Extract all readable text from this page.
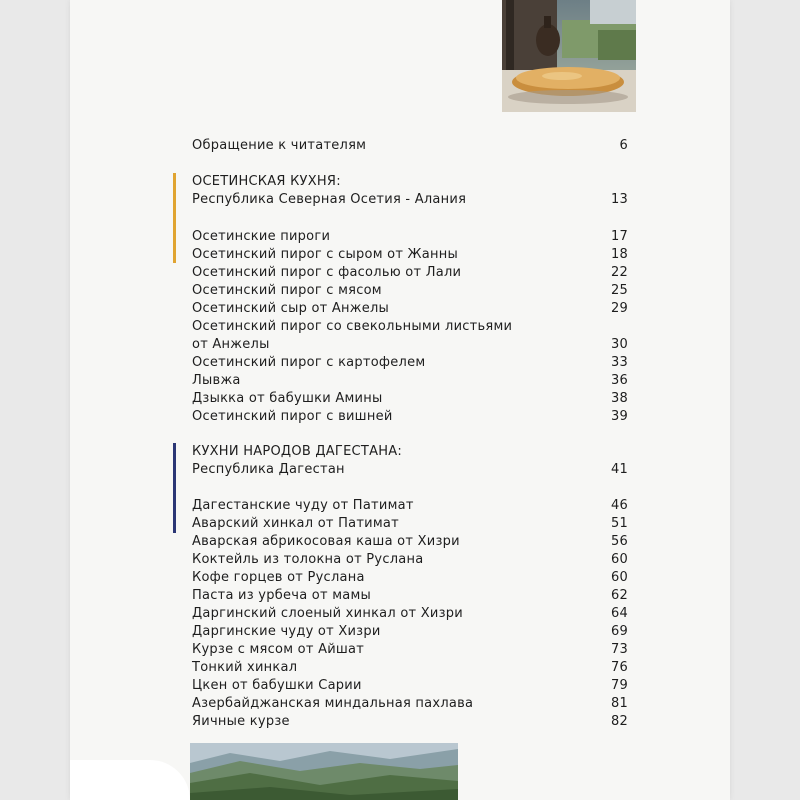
Обращение к читателям	6
ОСЕТИНСКАЯ КУХНЯ:
Республика Северная Осетия - Алания	13
Осетинские пироги	17
Осетинский пирог с сыром от Жанны	18
Осетинский пирог с фасолью от Лали	22
Осетинский пирог с мясом	25
Осетинский сыр от Анжелы	29
Осетинский пирог со свекольными листьями
от Анжелы	30
Осетинский пирог с картофелем	33
Лывжа	36
Дзыкка от бабушки Амины	38
Осетинский пирог с вишней	39
КУХНИ НАРОДОВ ДАГЕСТАНА:
Республика Дагестан	41
Дагестанские чуду от Патимат	46
Аварский хинкал от Патимат	51
Аварская абрикосовая каша от Хизри	56
Коктейль из толокна от Руслана	60
Кофе горцев от Руслана	60
Паста из урбеча от мамы	62
Даргинский слоеный хинкал от Хизри	64
Даргинские чуду от Хизри	69
Курзе с мясом от Айшат	73
Тонкий хинкал	76
Цкен от бабушки Сарии	79
Азербайджанская миндальная пахлава	81
Яичные курзе	82
